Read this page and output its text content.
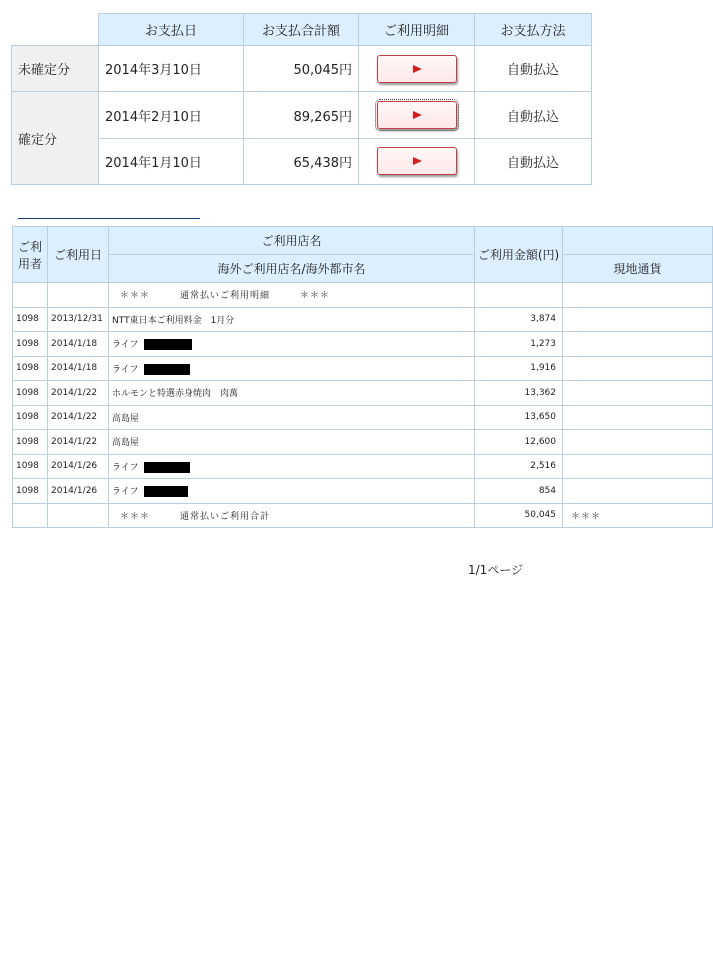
	お支払日	お支払合計額	ご利用明細	お支払方法
未確定分	2014年3月10日	50,045円		自動払込
確定分	2014年2月10日	89,265円		自動払込
	2014年1月10日	65,438円		自動払込
ご利用者	ご利用日	ご利用店名	ご利用金額(円)	
		海外ご利用店名/海外都市名		現地通貨
		＊＊＊　　　通常払いご利用明細　　　＊＊＊		
1098	2013/12/31	NTT東日本ご利用料金　1月分	3,874	
1098	2014/1/18	ライフ	1,273	
1098	2014/1/18	ライフ	1,916	
1098	2014/1/22	ホルモンと特選赤身焼肉　肉萬	13,362	
1098	2014/1/22	高島屋	13,650	
1098	2014/1/22	高島屋	12,600	
1098	2014/1/26	ライフ	2,516	
1098	2014/1/26	ライフ	854	
		＊＊＊　　　通常払いご利用合計	50,045	＊＊＊
1/1ページ
